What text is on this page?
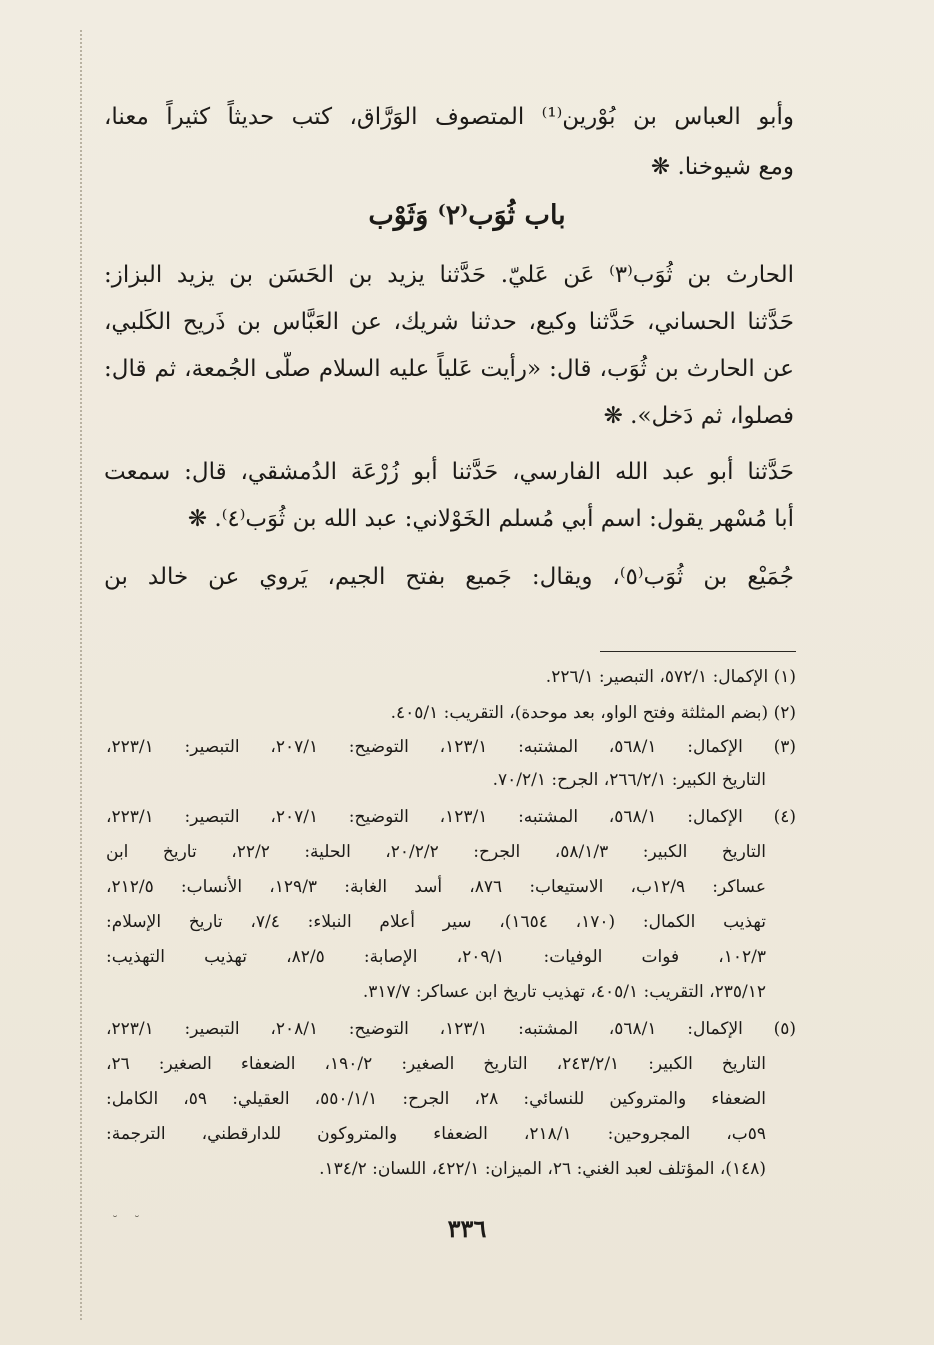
وأبو العباس بن بُوْرين⁽¹⁾ المتصوف الوَرَّاق، كتب حديثاً كثيراً معنا،
ومع شيوخنا. ❋
باب ثُوَب⁽٢⁾ وَثَوْب
الحارث بن ثُوَب⁽٣⁾ عَن عَليّ. حَدَّثنا يزيد بن الحَسَن بن يزيد البزاز:
حَدَّثنا الحساني، حَدَّثنا وكيع، حدثنا شريك، عن العَبَّاس بن ذَريح الكَلبي،
عن الحارث بن ثُوَب، قال: «رأيت عَلياً عليه السلام صلّى الجُمعة، ثم قال:
فصلوا، ثم دَخل». ❋
حَدَّثنا أبو عبد الله الفارسي، حَدَّثنا أبو زُرْعَة الدُمشقي، قال: سمعت
أبا مُسْهر يقول: اسم أبي مُسلم الخَوْلاني: عبد الله بن ثُوَب⁽٤⁾. ❋
جُمَيْع بن ثُوَب⁽٥⁾، ويقال: جَميع بفتح الجيم، يَروي عن خالد بن
(١) الإكمال: ٥٧٢/١، التبصير: ٢٢٦/١.
(٢) (بضم المثلثة وفتح الواو، بعد موحدة)، التقريب: ٤٠٥/١.
(٣) الإكمال: ٥٦٨/١، المشتبه: ١٢٣/١، التوضيح: ٢٠٧/١، التبصير: ٢٢٣/١،
التاريخ الكبير: ٢٦٦/٢/١، الجرح: ٧٠/٢/١.
(٤) الإكمال: ٥٦٨/١، المشتبه: ١٢٣/١، التوضيح: ٢٠٧/١، التبصير: ٢٢٣/١،
التاريخ الكبير: ٥٨/١/٣، الجرح: ٢٠/٢/٢، الحلية: ٢٢/٢، تاريخ ابن
عساكر: ١٢/٩ب، الاستيعاب: ٨٧٦، أسد الغابة: ١٢٩/٣، الأنساب: ٢١٢/٥،
تهذيب الكمال: (١٧٠، ١٦٥٤)، سير أعلام النبلاء: ٧/٤، تاريخ الإسلام:
١٠٢/٣، فوات الوفيات: ٢٠٩/١، الإصابة: ٨٢/٥، تهذيب التهذيب:
٢٣٥/١٢، التقريب: ٤٠٥/١، تهذيب تاريخ ابن عساكر: ٣١٧/٧.
(٥) الإكمال: ٥٦٨/١، المشتبه: ١٢٣/١، التوضيح: ٢٠٨/١، التبصير: ٢٢٣/١،
التاريخ الكبير: ٢٤٣/٢/١، التاريخ الصغير: ١٩٠/٢، الضعفاء الصغير: ٢٦،
الضعفاء والمتروكين للنسائي: ٢٨، الجرح: ٥٥٠/١/١، العقيلي: ٥٩، الكامل:
٥٩ب، المجروحين: ٢١٨/١، الضعفاء والمتروكون للدارقطني، الترجمة:
(١٤٨)، المؤتلف لعبد الغني: ٢٦، الميزان: ٤٢٢/١، اللسان: ١٣٤/٢.
٣٣٦
˘ ˘
